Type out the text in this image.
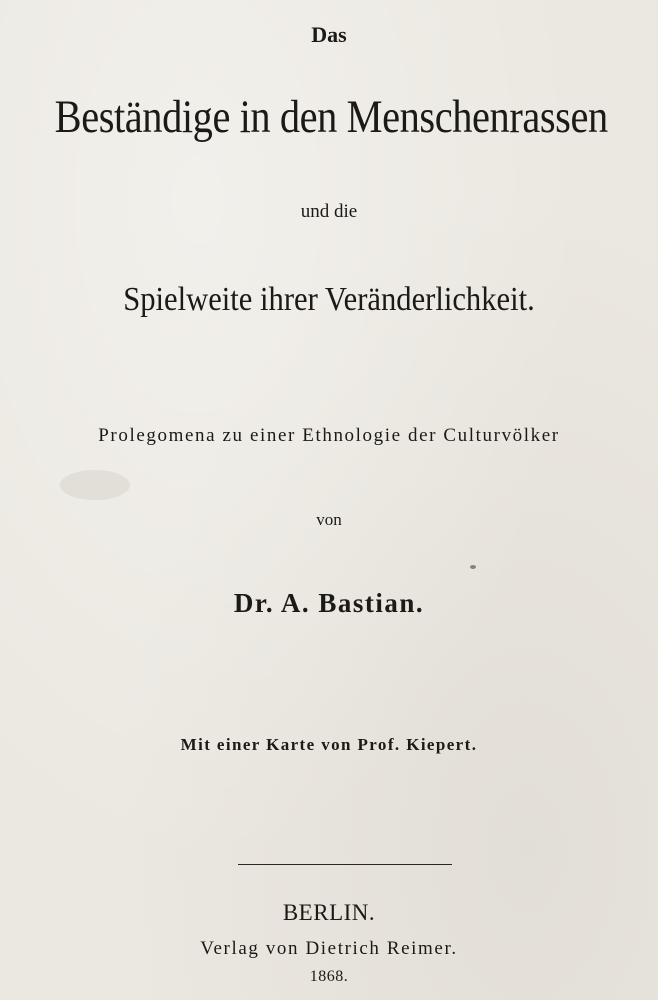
Das

Beständige in den Menschenrassen

und die

Spielweite ihrer Veränderlichkeit.

Prolegomena zu einer Ethnologie der Culturvölker

von

Dr. A. Bastian.

Mit einer Karte von Prof. Kiepert.

BERLIN.

Verlag von Dietrich Reimer.

1868.
